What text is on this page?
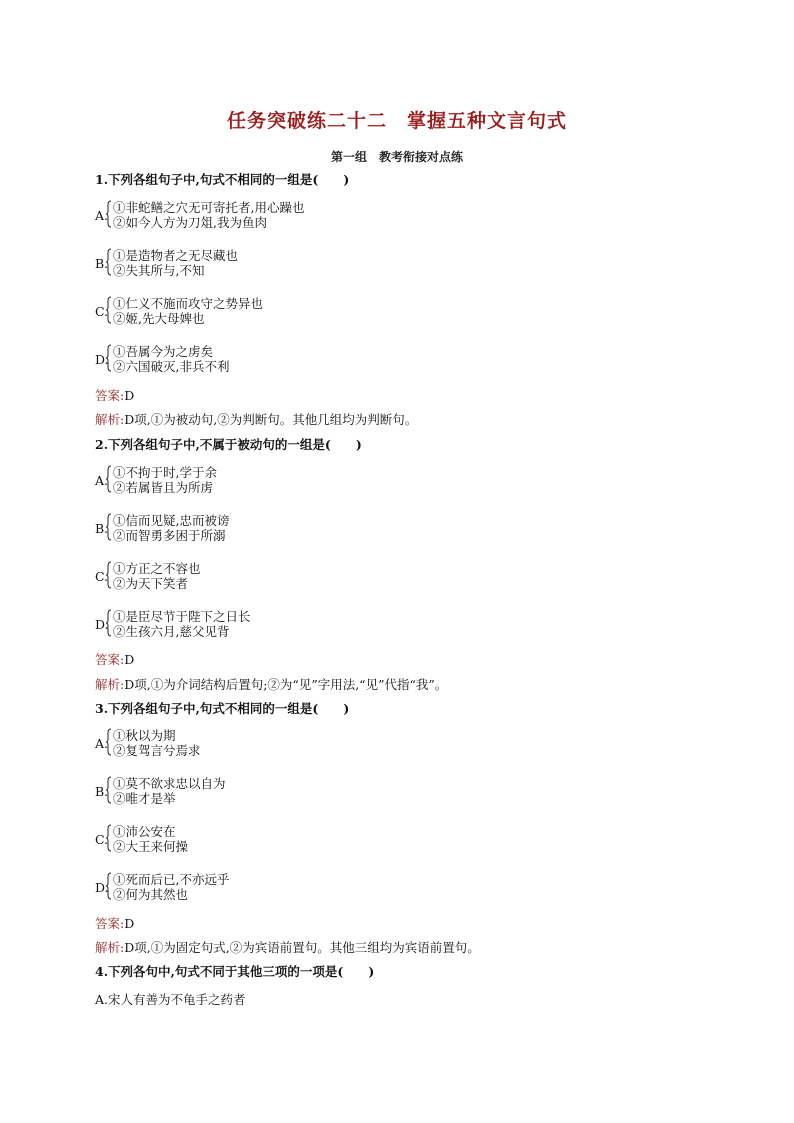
任务突破练二十二　掌握五种文言句式
第一组　教考衔接对点练
1.下列各组句子中,句式不相同的一组是(　　)
A.
①非蛇鳝之穴无可寄托者,用心躁也
②如今人方为刀俎,我为鱼肉
B.
①是造物者之无尽藏也
②失其所与,不知
C.
①仁义不施而攻守之势异也
②姬,先大母婢也
D.
①吾属今为之虏矣
②六国破灭,非兵不利
答案:D
解析:D项,①为被动句,②为判断句。其他几组均为判断句。
2.下列各组句子中,不属于被动句的一组是(　　)
A.
①不拘于时,学于余
②若属皆且为所虏
B.
①信而见疑,忠而被谤
②而智勇多困于所溺
C.
①方正之不容也
②为天下笑者
D.
①是臣尽节于陛下之日长
②生孩六月,慈父见背
答案:D
解析:D项,①为介词结构后置句;②为“见”字用法,“见”代指“我”。
3.下列各组句子中,句式不相同的一组是(　　)
A.
①秋以为期
②复驾言兮焉求
B.
①莫不欲求忠以自为
②唯才是举
C.
①沛公安在
②大王来何操
D.
①死而后已,不亦远乎
②何为其然也
答案:D
解析:D项,①为固定句式,②为宾语前置句。其他三组均为宾语前置句。
4.下列各句中,句式不同于其他三项的一项是(　　)
A.宋人有善为不龟手之药者
